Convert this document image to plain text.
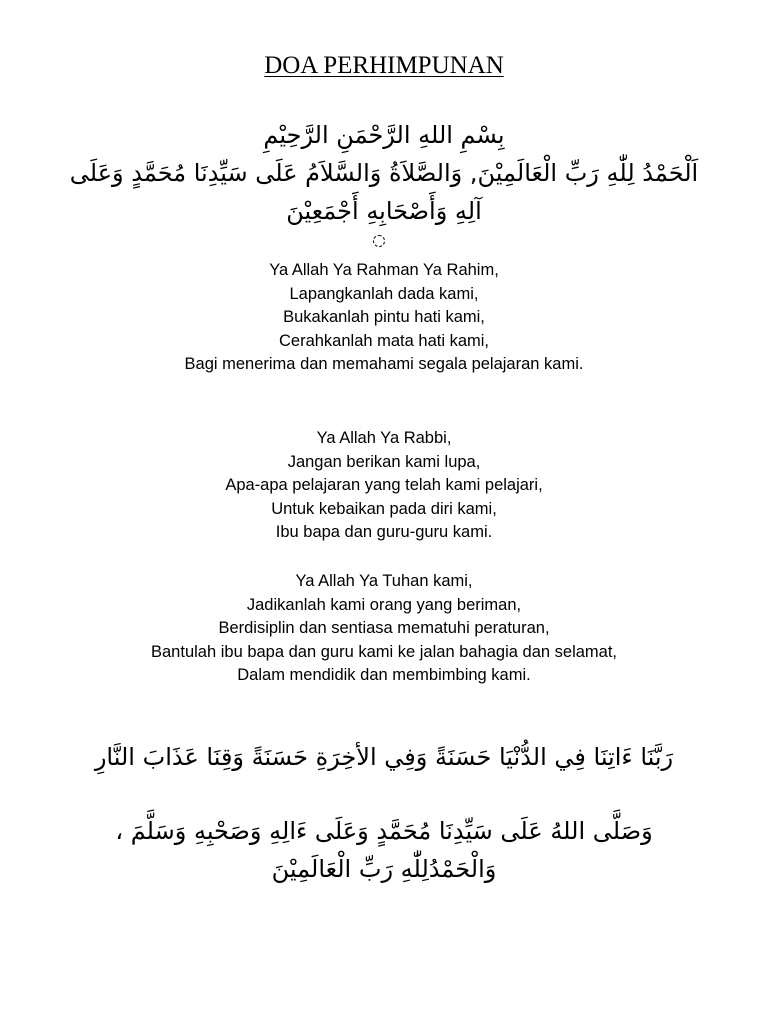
DOA PERHIMPUNAN
بِسْمِ اللهِ الرَّحْمَنِ الرَّحِيْمِ
اَلْحَمْدُ لِلّٰهِ رَبِّ الْعَالَمِيْنَ, وَالصَّلاَةُ وَالسَّلاَمُ عَلَى سَيِّدِنَا مُحَمَّدٍ وَعَلَى
آلِهِ وَأَصْحَابِهِ أَجْمَعِيْنَ
Ya Allah Ya Rahman Ya Rahim,
Lapangkanlah dada kami,
Bukakanlah pintu hati kami,
Cerahkanlah mata hati kami,
Bagi menerima dan memahami segala pelajaran kami.
Ya Allah Ya Rabbi,
Jangan berikan kami lupa,
Apa-apa pelajaran yang telah kami pelajari,
Untuk kebaikan pada diri kami,
Ibu bapa dan guru-guru kami.
Ya Allah Ya Tuhan kami,
Jadikanlah kami orang yang beriman,
Berdisiplin dan sentiasa mematuhi peraturan,
Bantulah ibu bapa dan guru kami ke jalan bahagia dan selamat,
Dalam mendidik dan membimbing kami.
رَبَّنَا ءَاتِنَا فِي الدُّنْيَا حَسَنَةً وَفِي الأخِرَةِ حَسَنَةً وَقِنَا عَذَابَ النَّارِ
وَصَلَّى اللهُ عَلَى سَيِّدِنَا مُحَمَّدٍ وَعَلَى ءَالِهِ وَصَحْبِهِ وَسَلَّمَ ،
وَالْحَمْدُلِلّٰهِ رَبِّ الْعَالَمِيْنَ
